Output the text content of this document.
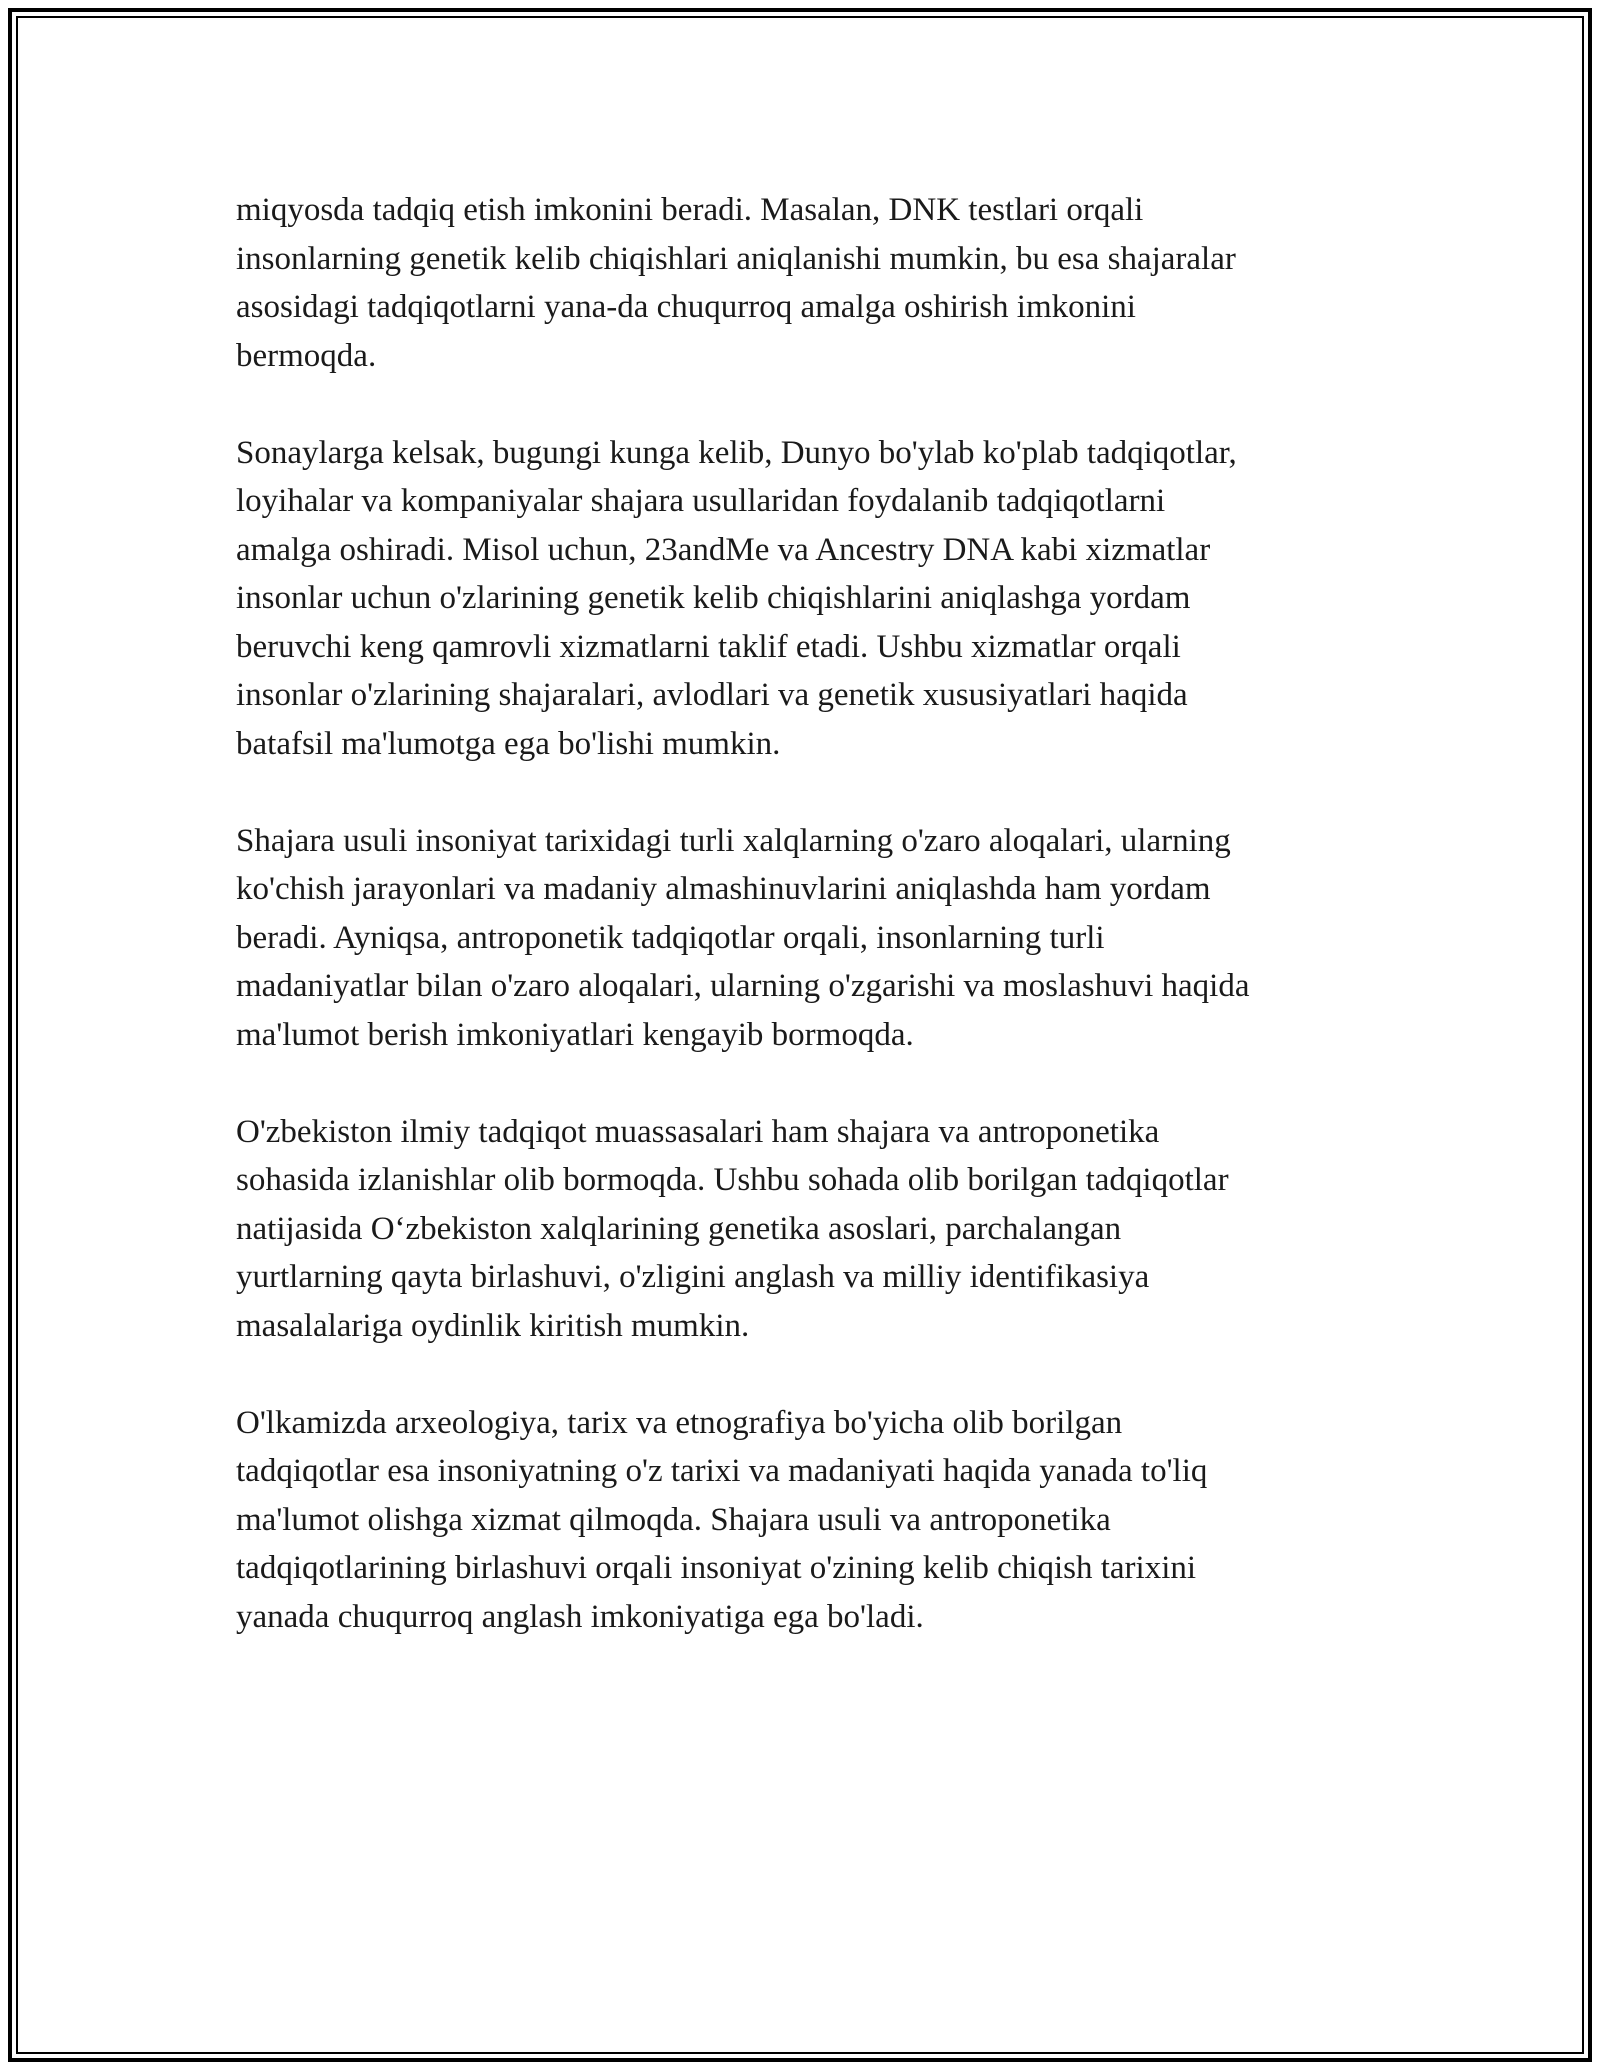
miqyosda tadqiq etish imkonini beradi. Masalan, DNK testlari orqali
insonlarning genetik kelib chiqishlari aniqlanishi mumkin, bu esa shajaralar
asosidagi tadqiqotlarni yana-da chuqurroq amalga oshirish imkonini
bermoqda.

Sonaylarga kelsak, bugungi kunga kelib, Dunyo bo'ylab ko'plab tadqiqotlar,
loyihalar va kompaniyalar shajara usullaridan foydalanib tadqiqotlarni
amalga oshiradi. Misol uchun, 23andMe va Ancestry DNA kabi xizmatlar
insonlar uchun o'zlarining genetik kelib chiqishlarini aniqlashga yordam
beruvchi keng qamrovli xizmatlarni taklif etadi. Ushbu xizmatlar orqali
insonlar o'zlarining shajaralari, avlodlari va genetik xususiyatlari haqida
batafsil ma'lumotga ega bo'lishi mumkin.

Shajara usuli insoniyat tarixidagi turli xalqlarning o'zaro aloqalari, ularning
ko'chish jarayonlari va madaniy almashinuvlarini aniqlashda ham yordam
beradi. Ayniqsa, antroponetik tadqiqotlar orqali, insonlarning turli
madaniyatlar bilan o'zaro aloqalari, ularning o'zgarishi va moslashuvi haqida
ma'lumot berish imkoniyatlari kengayib bormoqda.

O'zbekiston ilmiy tadqiqot muassasalari ham shajara va antroponetika
sohasida izlanishlar olib bormoqda. Ushbu sohada olib borilgan tadqiqotlar
natijasida O‘zbekiston xalqlarining genetika asoslari, parchalangan
yurtlarning qayta birlashuvi, o'zligini anglash va milliy identifikasiya
masalalariga oydinlik kiritish mumkin.

O'lkamizda arxeologiya, tarix va etnografiya bo'yicha olib borilgan
tadqiqotlar esa insoniyatning o'z tarixi va madaniyati haqida yanada to'liq
ma'lumot olishga xizmat qilmoqda. Shajara usuli va antroponetika
tadqiqotlarining birlashuvi orqali insoniyat o'zining kelib chiqish tarixini
yanada chuqurroq anglash imkoniyatiga ega bo'ladi.
